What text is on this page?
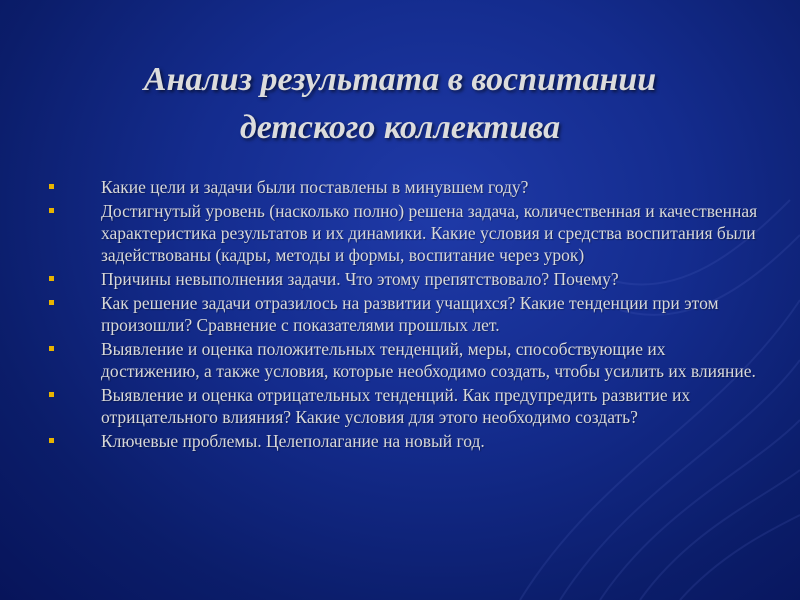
Анализ результата в воспитании
детского коллектива
Какие цели и задачи были поставлены в минувшем году?
Достигнутый уровень (насколько полно) решена задача, количественная и качественная характеристика результатов и их динамики. Какие условия и средства воспитания были задействованы (кадры, методы и формы, воспитание через урок)
Причины невыполнения задачи. Что этому препятствовало? Почему?
Как решение задачи отразилось на развитии учащихся? Какие тенденции при этом произошли? Сравнение с показателями прошлых лет.
Выявление и оценка положительных тенденций, меры, способствующие их достижению, а также условия, которые необходимо создать, чтобы усилить их влияние.
Выявление и оценка отрицательных тенденций. Как предупредить развитие их отрицательного влияния? Какие условия для этого необходимо создать?
Ключевые проблемы. Целеполагание на новый год.
